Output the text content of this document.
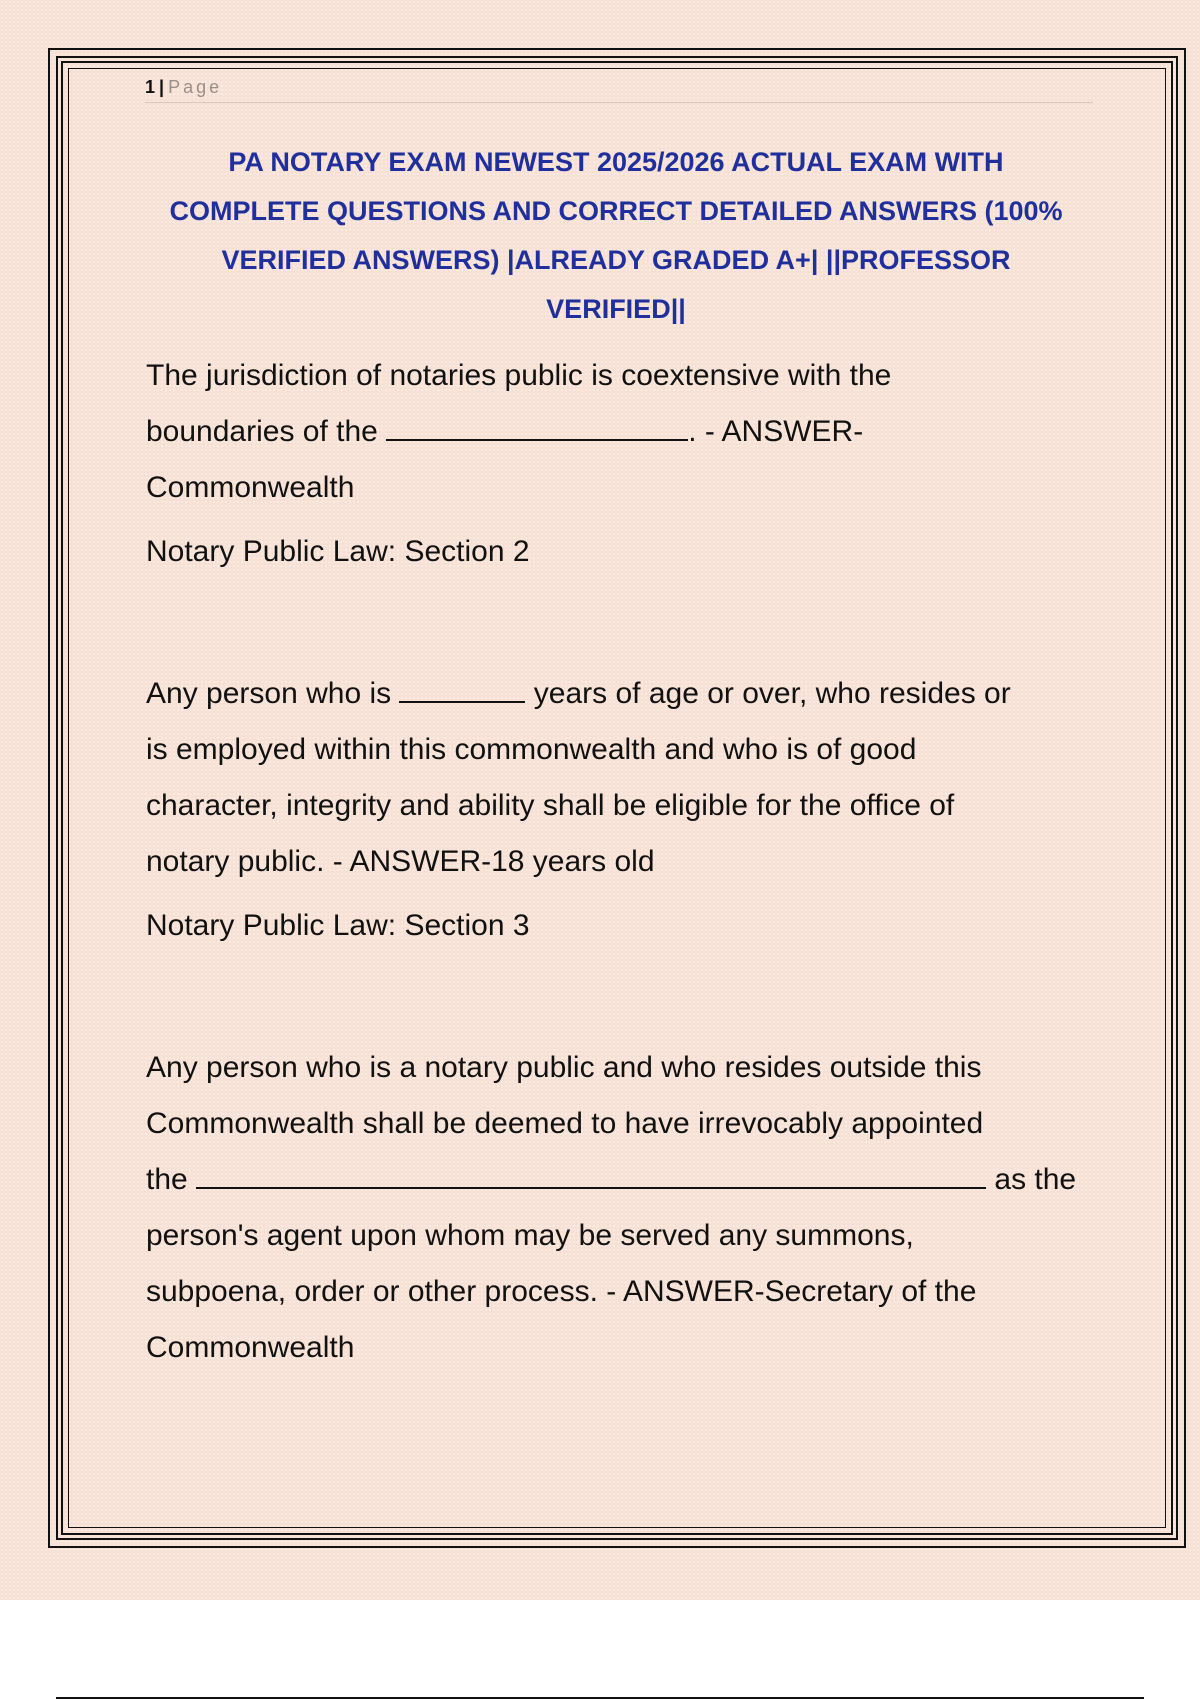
1 | Page
PA NOTARY EXAM NEWEST 2025/2026 ACTUAL EXAM WITH
COMPLETE QUESTIONS AND CORRECT DETAILED ANSWERS (100%
VERIFIED ANSWERS) |ALREADY GRADED A+| ||PROFESSOR
VERIFIED||

The jurisdiction of notaries public is coextensive with the
boundaries of the	. - ANSWER-
Commonwealth

Notary Public Law: Section 2

Any person who is	years of age or over, who resides or
is employed within this commonwealth and who is of good
character, integrity and ability shall be eligible for the office of
notary public. - ANSWER-18 years old

Notary Public Law: Section 3

Any person who is a notary public and who resides outside this
Commonwealth shall be deemed to have irrevocably appointed
the	as the
person's agent upon whom may be served any summons,
subpoena, order or other process. - ANSWER-Secretary of the
Commonwealth
